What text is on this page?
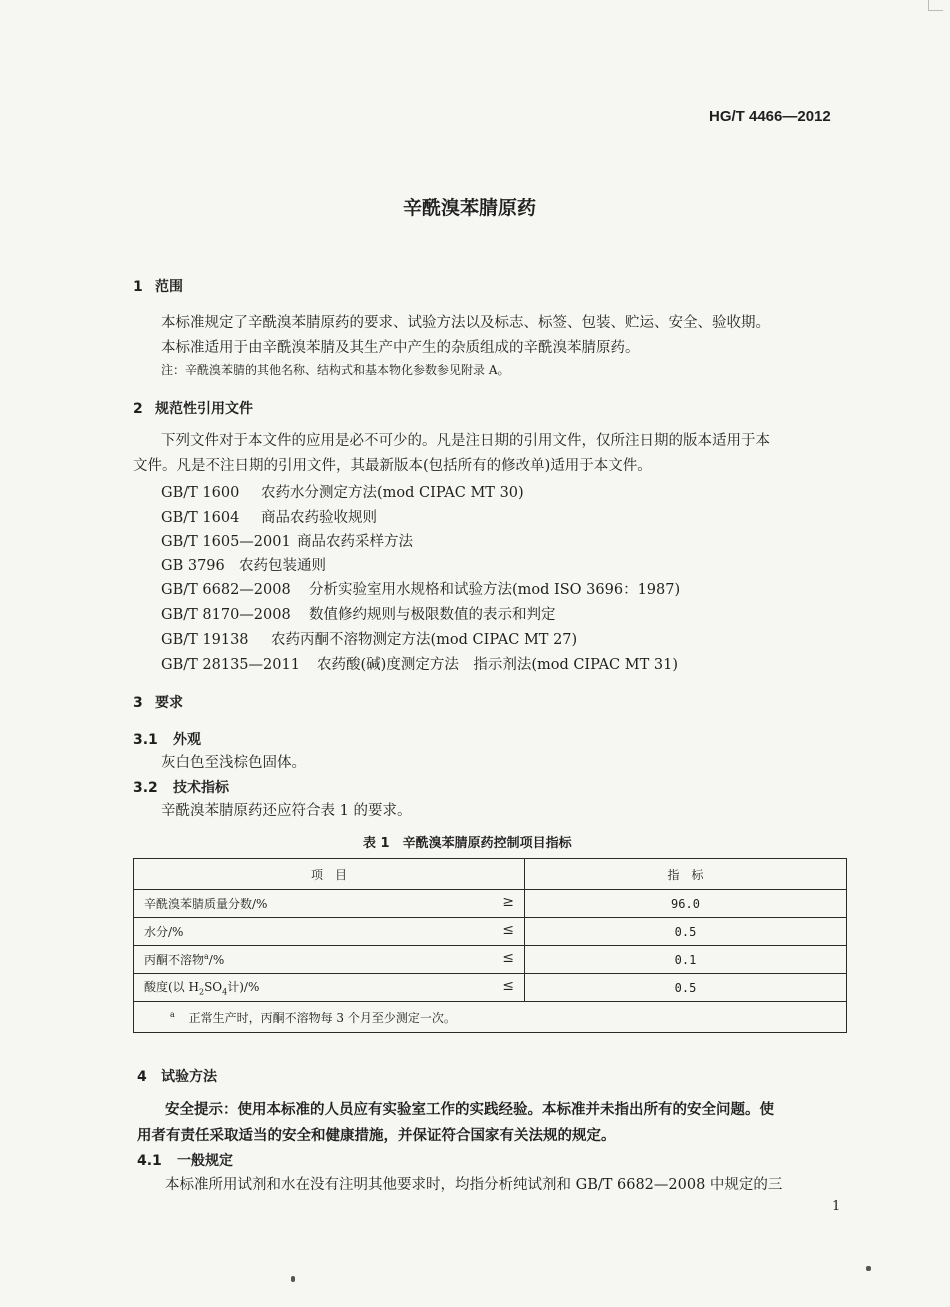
HG/T 4466—2012
辛酰溴苯腈原药
1 范围
本标准规定了辛酰溴苯腈原药的要求、试验方法以及标志、标签、包装、贮运、安全、验收期。
本标准适用于由辛酰溴苯腈及其生产中产生的杂质组成的辛酰溴苯腈原药。
注：辛酰溴苯腈的其他名称、结构式和基本物化参数参见附录 A。
2 规范性引用文件
下列文件对于本文件的应用是必不可少的。凡是注日期的引用文件，仅所注日期的版本适用于本
文件。凡是不注日期的引用文件，其最新版本(包括所有的修改单)适用于本文件。
GB/T 1600 农药水分测定方法(mod CIPAC MT 30)
GB/T 1604 商品农药验收规则
GB/T 1605—2001 商品农药采样方法
GB 3796 农药包装通则
GB/T 6682—2008 分析实验室用水规格和试验方法(mod ISO 3696：1987)
GB/T 8170—2008 数值修约规则与极限数值的表示和判定
GB/T 19138 农药丙酮不溶物测定方法(mod CIPAC MT 27)
GB/T 28135—2011 农药酸(碱)度测定方法　指示剂法(mod CIPAC MT 31)
3 要求
3.1 外观
灰白色至浅棕色固体。
3.2 技术指标
辛酰溴苯腈原药还应符合表 1 的要求。
表 1　辛酰溴苯腈原药控制项目指标
项　目	指　标
辛酰溴苯腈质量分数/% ≥	96.0
水分/% ≤	0.5
丙酮不溶物$^a$/% ≤	0.1
酸度(以 $H_2SO_4$计)/% ≤	0.5
$^a$ 正常生产时，丙酮不溶物每 3 个月至少测定一次。	
4 试验方法
安全提示：使用本标准的人员应有实验室工作的实践经验。本标准并未指出所有的安全问题。使
用者有责任采取适当的安全和健康措施，并保证符合国家有关法规的规定。
4.1 一般规定
本标准所用试剂和水在没有注明其他要求时，均指分析纯试剂和 GB/T 6682—2008 中规定的三
1
